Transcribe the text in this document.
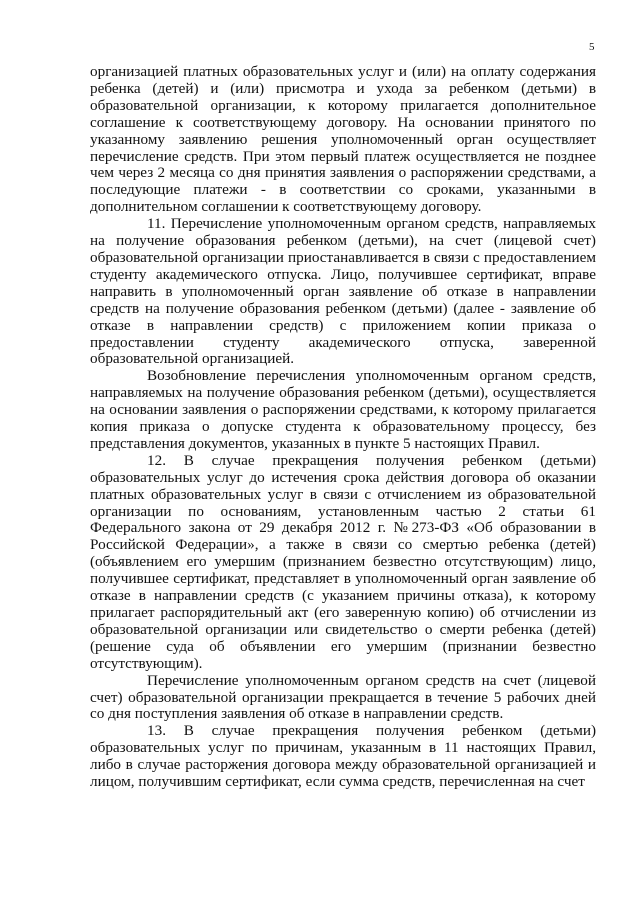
5

организацией платных образовательных услуг и (или) на оплату содержания ребенка (детей) и (или) присмотра и ухода за ребенком (детьми) в образовательной организации, к которому прилагается дополнительное соглашение к соответствующему договору. На основании принятого по указанному заявлению решения уполномоченный орган осуществляет перечисление средств. При этом первый платеж осуществляется не позднее чем через 2 месяца со дня принятия заявления о распоряжении средствами, а последующие платежи - в соответствии со сроками, указанными в дополнительном соглашении к соответствующему договору.

11. Перечисление уполномоченным органом средств, направляемых на получение образования ребенком (детьми), на счет (лицевой счет) образовательной организации приостанавливается в связи с предоставлением студенту академического отпуска. Лицо, получившее сертификат, вправе направить в уполномоченный орган заявление об отказе в направлении средств на получение образования ребенком (детьми) (далее - заявление об отказе в направлении средств) с приложением копии приказа о предоставлении студенту академического отпуска, заверенной образовательной организацией.

Возобновление перечисления уполномоченным органом средств, направляемых на получение образования ребенком (детьми), осуществляется на основании заявления о распоряжении средствами, к которому прилагается копия приказа о допуске студента к образовательному процессу, без представления документов, указанных в пункте 5 настоящих Правил.

12. В случае прекращения получения ребенком (детьми) образовательных услуг до истечения срока действия договора об оказании платных образовательных услуг в связи с отчислением из образовательной организации по основаниям, установленным частью 2 статьи 61 Федерального закона от 29 декабря 2012 г. №273-ФЗ «Об образовании в Российской Федерации», а также в связи со смертью ребенка (детей) (объявлением его умершим (признанием безвестно отсутствующим) лицо, получившее сертификат, представляет в уполномоченный орган заявление об отказе в направлении средств (с указанием причины отказа), к которому прилагает распорядительный акт (его заверенную копию) об отчислении из образовательной организации или свидетельство о смерти ребенка (детей) (решение суда об объявлении его умершим (признании безвестно отсутствующим).

Перечисление уполномоченным органом средств на счет (лицевой счет) образовательной организации прекращается в течение 5 рабочих дней со дня поступления заявления об отказе в направлении средств.

13. В случае прекращения получения ребенком (детьми) образовательных услуг по причинам, указанным в 11 настоящих Правил, либо в случае расторжения договора между образовательной организацией и лицом, получившим сертификат, если сумма средств, перечисленная на счет
